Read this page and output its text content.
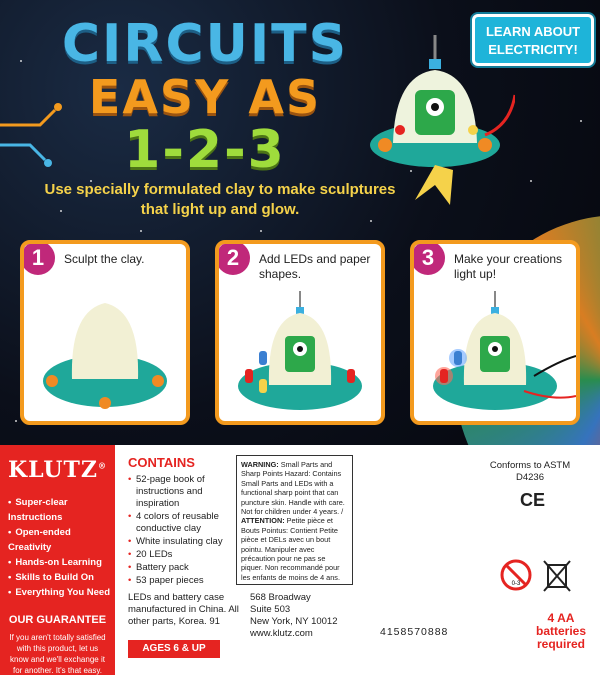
CIRCUITS
EASY AS
1-2-3
Use specially formulated clay to make sculptures that light up and glow.
LEARN ABOUT ELECTRICITY!
1	Sculpt the clay.	2	Add LEDs and paper shapes.
3	Make your creations light up!
KLUTZ®
• Super-clear Instructions
• Open-ended Creativity
• Hands-on Learning
• Skills to Build On
• Everything You Need
OUR GUARANTEE
If you aren't totally satisfied with this product, let us know and we'll exchange it for another. It's that easy.
CONTAINS
• 52-page book of instructions and inspiration
• 4 colors of reusable conductive clay
• White insulating clay
• 20 LEDs
• Battery pack
• 53 paper pieces
WARNING: Small Parts and Sharp Points Hazard: Contains Small Parts and LEDs with a functional sharp point that can puncture skin. Handle with care. Not for children under 4 years. / ATTENTION: Petite pièce et Bouts Pointus: Contient Petite pièce et DELs avec un bout pointu. Manipuler avec précaution pour ne pas se piquer. Non recommandé pour les enfants de moins de 4 ans.
LEDs and battery case manufactured in China. All other parts, Korea. 91
568 Broadway
Suite 503
New York, NY 10012
www.klutz.com
AGES 6 & UP
Conforms to ASTM D4236
CE
0-3
4158570888
4 AA batteries required
